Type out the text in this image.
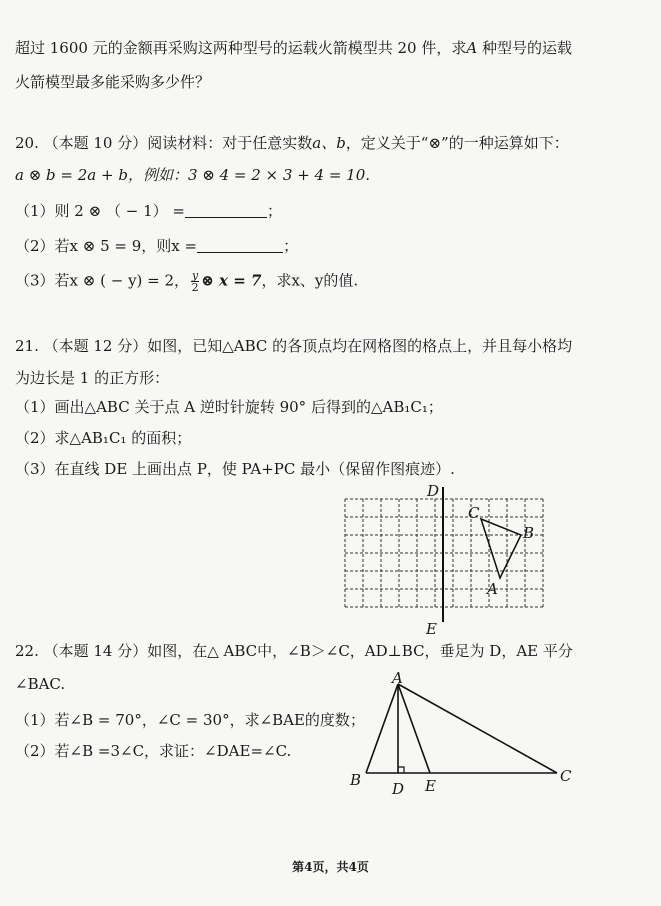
超过 1600 元的金额再采购这两种型号的运载火箭模型共 20 件，求A 种型号的运载
火箭模型最多能采购多少件？
20. （本题 10 分）阅读材料：对于任意实数a、b，定义关于“⊗”的一种运算如下：
a ⊗ b = 2a + b，例如：3 ⊗ 4 = 2 × 3 + 4 = 10.
（1）则 2 ⊗ （ − 1） =	；
（2）若x ⊗ 5 = 9，则x =	；
（3）若x ⊗ ( − y) = 2， $\frac{y}{2}$ ⊗ x = 7，求x、y的值.
21. （本题 12 分）如图，已知△ABC 的各顶点均在网格图的格点上，并且每小格均
为边长是 1 的正方形：
（1）画出△ABC 关于点 A 逆时针旋转 90° 后得到的△AB₁C₁；
（2）求△AB₁C₁ 的面积；
（3）在直线 DE 上画出点 P，使 PA+PC 最小（保留作图痕迹）.
D
E
C
B
A
22. （本题 14 分）如图，在△ ABC中，∠B＞∠C，AD⊥BC，垂足为 D，AE 平分
∠BAC.
（1）若∠B = 70°，∠C = 30°，求∠BAE的度数；
（2）若∠B =3∠C，求证：∠DAE=∠C.
A
B	C
D E
第4页，共4页
